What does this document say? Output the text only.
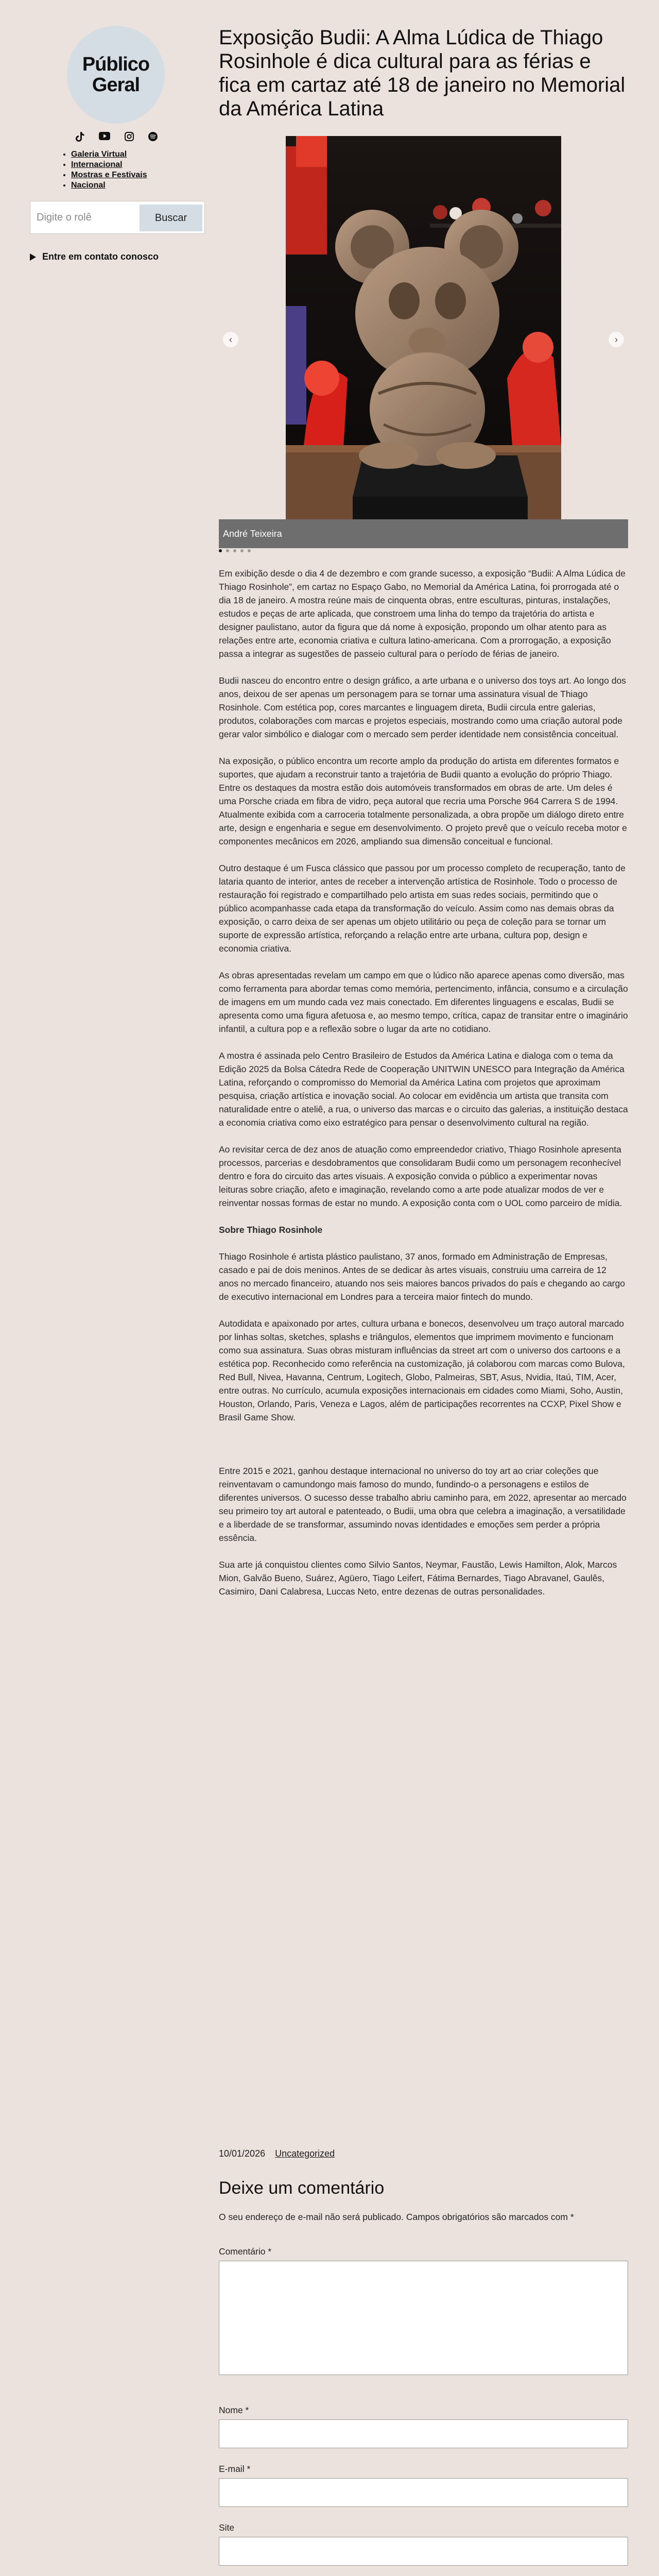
Público
Geral
• Galeria Virtual
• Internacional
• Mostras e Festivais
• Nacional
Digite o rolê
Buscar
Entre em contato conosco
Exposição Budii: A Alma Lúdica de Thiago Rosinhole é dica cultural para as férias e fica em cartaz até 18 de janeiro no Memorial da América Latina
André Teixeira
‹	›

Em exibição desde o dia 4 de dezembro e com grande sucesso, a exposição “Budii: A Alma Lúdica de Thiago Rosinhole”, em cartaz no Espaço Gabo, no Memorial da América Latina, foi prorrogada até o dia 18 de janeiro. A mostra reúne mais de cinquenta obras, entre esculturas, pinturas, instalações, estudos e peças de arte aplicada, que constroem uma linha do tempo da trajetória do artista e designer paulistano, autor da figura que dá nome à exposição, propondo um olhar atento para as relações entre arte, economia criativa e cultura latino-americana. Com a prorrogação, a exposição passa a integrar as sugestões de passeio cultural para o período de férias de janeiro.

Budii nasceu do encontro entre o design gráfico, a arte urbana e o universo dos toys art. Ao longo dos anos, deixou de ser apenas um personagem para se tornar uma assinatura visual de Thiago Rosinhole. Com estética pop, cores marcantes e linguagem direta, Budii circula entre galerias, produtos, colaborações com marcas e projetos especiais, mostrando como uma criação autoral pode gerar valor simbólico e dialogar com o mercado sem perder identidade nem consistência conceitual.

Na exposição, o público encontra um recorte amplo da produção do artista em diferentes formatos e suportes, que ajudam a reconstruir tanto a trajetória de Budii quanto a evolução do próprio Thiago. Entre os destaques da mostra estão dois automóveis transformados em obras de arte. Um deles é uma Porsche criada em fibra de vidro, peça autoral que recria uma Porsche 964 Carrera S de 1994. Atualmente exibida com a carroceria totalmente personalizada, a obra propõe um diálogo direto entre arte, design e engenharia e segue em desenvolvimento. O projeto prevê que o veículo receba motor e componentes mecânicos em 2026, ampliando sua dimensão conceitual e funcional.

Outro destaque é um Fusca clássico que passou por um processo completo de recuperação, tanto de lataria quanto de interior, antes de receber a intervenção artística de Rosinhole. Todo o processo de restauração foi registrado e compartilhado pelo artista em suas redes sociais, permitindo que o público acompanhasse cada etapa da transformação do veículo. Assim como nas demais obras da exposição, o carro deixa de ser apenas um objeto utilitário ou peça de coleção para se tornar um suporte de expressão artística, reforçando a relação entre arte urbana, cultura pop, design e economia criativa.

As obras apresentadas revelam um campo em que o lúdico não aparece apenas como diversão, mas como ferramenta para abordar temas como memória, pertencimento, infância, consumo e a circulação de imagens em um mundo cada vez mais conectado. Em diferentes linguagens e escalas, Budii se apresenta como uma figura afetuosa e, ao mesmo tempo, crítica, capaz de transitar entre o imaginário infantil, a cultura pop e a reflexão sobre o lugar da arte no cotidiano.

A mostra é assinada pelo Centro Brasileiro de Estudos da América Latina e dialoga com o tema da Edição 2025 da Bolsa Cátedra Rede de Cooperação UNITWIN UNESCO para Integração da América Latina, reforçando o compromisso do Memorial da América Latina com projetos que aproximam pesquisa, criação artística e inovação social. Ao colocar em evidência um artista que transita com naturalidade entre o ateliê, a rua, o universo das marcas e o circuito das galerias, a instituição destaca a economia criativa como eixo estratégico para pensar o desenvolvimento cultural na região.

Ao revisitar cerca de dez anos de atuação como empreendedor criativo, Thiago Rosinhole apresenta processos, parcerias e desdobramentos que consolidaram Budii como um personagem reconhecível dentro e fora do circuito das artes visuais. A exposição convida o público a experimentar novas leituras sobre criação, afeto e imaginação, revelando como a arte pode atualizar modos de ver e reinventar nossas formas de estar no mundo. A exposição conta com o UOL como parceiro de mídia.

Sobre Thiago Rosinhole

Thiago Rosinhole é artista plástico paulistano, 37 anos, formado em Administração de Empresas, casado e pai de dois meninos. Antes de se dedicar às artes visuais, construiu uma carreira de 12 anos no mercado financeiro, atuando nos seis maiores bancos privados do país e chegando ao cargo de executivo internacional em Londres para a terceira maior fintech do mundo.

Autodidata e apaixonado por artes, cultura urbana e bonecos, desenvolveu um traço autoral marcado por linhas soltas, sketches, splashs e triângulos, elementos que imprimem movimento e funcionam como sua assinatura. Suas obras misturam influências da street art com o universo dos cartoons e a estética pop. Reconhecido como referência na customização, já colaborou com marcas como Bulova, Red Bull, Nivea, Havanna, Centrum, Logitech, Globo, Palmeiras, SBT, Asus, Nvidia, Itaú, TIM, Acer, entre outras. No currículo, acumula exposições internacionais em cidades como Miami, Soho, Austin, Houston, Orlando, Paris, Veneza e Lagos, além de participações recorrentes na CCXP, Pixel Show e Brasil Game Show.

Entre 2015 e 2021, ganhou destaque internacional no universo do toy art ao criar coleções que reinventavam o camundongo mais famoso do mundo, fundindo-o a personagens e estilos de diferentes universos. O sucesso desse trabalho abriu caminho para, em 2022, apresentar ao mercado seu primeiro toy art autoral e patenteado, o Budii, uma obra que celebra a imaginação, a versatilidade e a liberdade de se transformar, assumindo novas identidades e emoções sem perder a própria essência.

Sua arte já conquistou clientes como Silvio Santos, Neymar, Faustão, Lewis Hamilton, Alok, Marcos Mion, Galvão Bueno, Suárez, Agüero, Tiago Leifert, Fátima Bernardes, Tiago Abravanel, Gaulês, Casimiro, Dani Calabresa, Luccas Neto, entre dezenas de outras personalidades.

10/01/2026 Uncategorized
Deixe um comentário
O seu endereço de e-mail não será publicado. Campos obrigatórios são marcados com *
Comentário *
Nome *
E-mail *
Site
